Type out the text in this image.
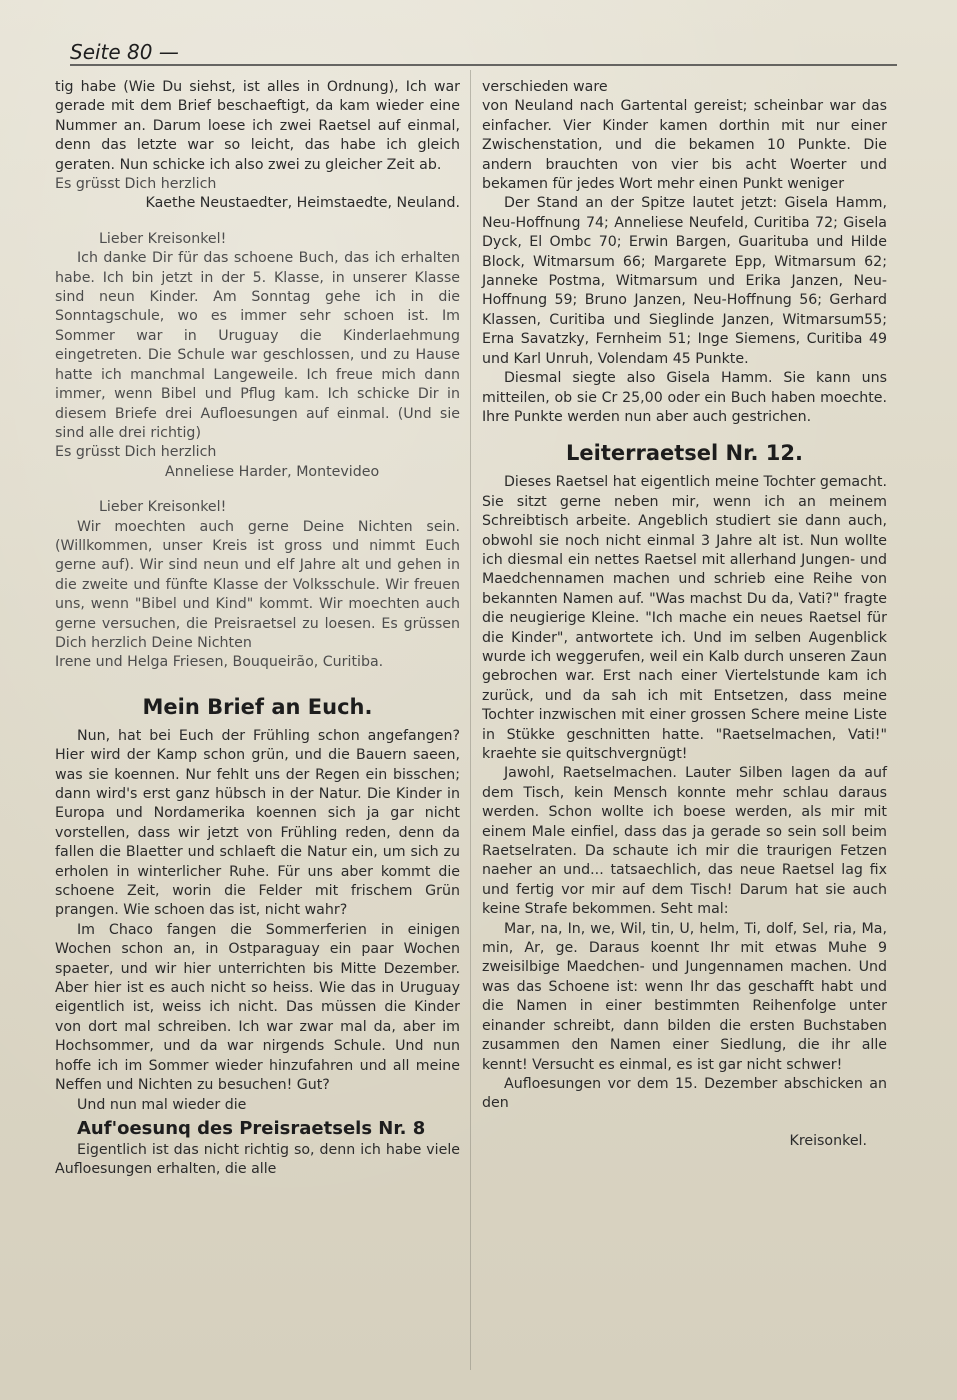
Seite 80 —

tig habe (Wie Du siehst, ist alles in Ordnung), Ich war gerade mit dem Brief beschaeftigt, da kam wieder eine Nummer an. Darum loese ich zwei Raetsel auf einmal, denn das letzte war so leicht, das habe ich gleich geraten. Nun schicke ich also zwei zu gleicher Zeit ab.

Es grüsst Dich herzlich

Kaethe Neustaedter, Heimstaedte, Neuland.

Lieber Kreisonkel!

Ich danke Dir für das schoene Buch, das ich erhalten habe. Ich bin jetzt in der 5. Klasse, in unserer Klasse sind neun Kinder. Am Sonntag gehe ich in die Sonntagschule, wo es immer sehr schoen ist. Im Sommer war in Uruguay die Kinderlaehmung eingetreten. Die Schule war geschlossen, und zu Hause hatte ich manchmal Langeweile. Ich freue mich dann immer, wenn Bibel und Pflug kam. Ich schicke Dir in diesem Briefe drei Aufloesungen auf einmal. (Und sie sind alle drei richtig)

Es grüsst Dich herzlich

Anneliese Harder, Montevideo

Lieber Kreisonkel!

Wir moechten auch gerne Deine Nichten sein. (Willkommen, unser Kreis ist gross und nimmt Euch gerne auf). Wir sind neun und elf Jahre alt und gehen in die zweite und fünfte Klasse der Volksschule. Wir freuen uns, wenn "Bibel und Kind" kommt. Wir moechten auch gerne versuchen, die Preisraetsel zu loesen. Es grüssen Dich herzlich Deine Nichten

Irene und Helga Friesen, Bouqueirão, Curitiba.

Mein Brief an Euch.

Nun, hat bei Euch der Frühling schon angefangen? Hier wird der Kamp schon grün, und die Bauern saeen, was sie koennen. Nur fehlt uns der Regen ein bisschen; dann wird's erst ganz hübsch in der Natur. Die Kinder in Europa und Nordamerika koennen sich ja gar nicht vorstellen, dass wir jetzt von Frühling reden, denn da fallen die Blaetter und schlaeft die Natur ein, um sich zu erholen in winterlicher Ruhe. Für uns aber kommt die schoene Zeit, worin die Felder mit frischem Grün prangen. Wie schoen das ist, nicht wahr?

Im Chaco fangen die Sommerferien in einigen Wochen schon an, in Ostparaguay ein paar Wochen spaeter, und wir hier unterrichten bis Mitte Dezember. Aber hier ist es auch nicht so heiss. Wie das in Uruguay eigentlich ist, weiss ich nicht. Das müssen die Kinder von dort mal schreiben. Ich war zwar mal da, aber im Hochsommer, und da war nirgends Schule. Und nun hoffe ich im Sommer wieder hinzufahren und all meine Neffen und Nichten zu besuchen! Gut?

Und nun mal wieder die

Auf'oesunq des Preisraetsels Nr. 8

Eigentlich ist das nicht richtig so, denn ich habe viele Aufloesungen erhalten, die alle

verschieden ware

von Neuland nach Gartental gereist; scheinbar war das einfacher. Vier Kinder kamen dorthin mit nur einer Zwischenstation, und die bekamen 10 Punkte. Die andern brauchten von vier bis acht Woerter und bekamen für jedes Wort mehr einen Punkt weniger

Der Stand an der Spitze lautet jetzt: Gisela Hamm, Neu-Hoffnung 74; Anneliese Neufeld, Curitiba 72; Gisela Dyck, El Ombc 70; Erwin Bargen, Guarituba und Hilde Block, Witmarsum 66; Margarete Epp, Witmarsum 62; Janneke Postma, Witmarsum und Erika Janzen, Neu-Hoffnung 59; Bruno Janzen, Neu-Hoffnung 56; Gerhard Klassen, Curitiba und Sieglinde Janzen, Witmarsum55; Erna Savatzky, Fernheim 51; Inge Siemens, Curitiba 49 und Karl Unruh, Volendam 45 Punkte.

Diesmal siegte also Gisela Hamm. Sie kann uns mitteilen, ob sie Cr 25,00 oder ein Buch haben moechte. Ihre Punkte werden nun aber auch gestrichen.

Leiterraetsel Nr. 12.

Dieses Raetsel hat eigentlich meine Tochter gemacht. Sie sitzt gerne neben mir, wenn ich an meinem Schreibtisch arbeite. Angeblich studiert sie dann auch, obwohl sie noch nicht einmal 3 Jahre alt ist. Nun wollte ich diesmal ein nettes Raetsel mit allerhand Jungen- und Maedchennamen machen und schrieb eine Reihe von bekannten Namen auf. "Was machst Du da, Vati?" fragte die neugierige Kleine. "Ich mache ein neues Raetsel für die Kinder", antwortete ich. Und im selben Augenblick wurde ich weggerufen, weil ein Kalb durch unseren Zaun gebrochen war. Erst nach einer Viertelstunde kam ich zurück, und da sah ich mit Entsetzen, dass meine Tochter inzwischen mit einer grossen Schere meine Liste in Stükke geschnitten hatte. "Raetselmachen, Vati!" kraehte sie quitschvergnügt!

Jawohl, Raetselmachen. Lauter Silben lagen da auf dem Tisch, kein Mensch konnte mehr schlau daraus werden. Schon wollte ich boese werden, als mir mit einem Male einfiel, dass das ja gerade so sein soll beim Raetselraten. Da schaute ich mir die traurigen Fetzen naeher an und... tatsaechlich, das neue Raetsel lag fix und fertig vor mir auf dem Tisch! Darum hat sie auch keine Strafe bekommen. Seht mal:

Mar, na, In, we, Wil, tin, U, helm, Ti, dolf, Sel, ria, Ma, min, Ar, ge. Daraus koennt Ihr mit etwas Muhe 9 zweisilbige Maedchen- und Jungennamen machen. Und was das Schoene ist: wenn Ihr das geschafft habt und die Namen in einer bestimmten Reihenfolge unter einander schreibt, dann bilden die ersten Buchstaben zusammen den Namen einer Siedlung, die ihr alle kennt! Versucht es einmal, es ist gar nicht schwer!

Aufloesungen vor dem 15. Dezember abschicken an den

Kreisonkel.
